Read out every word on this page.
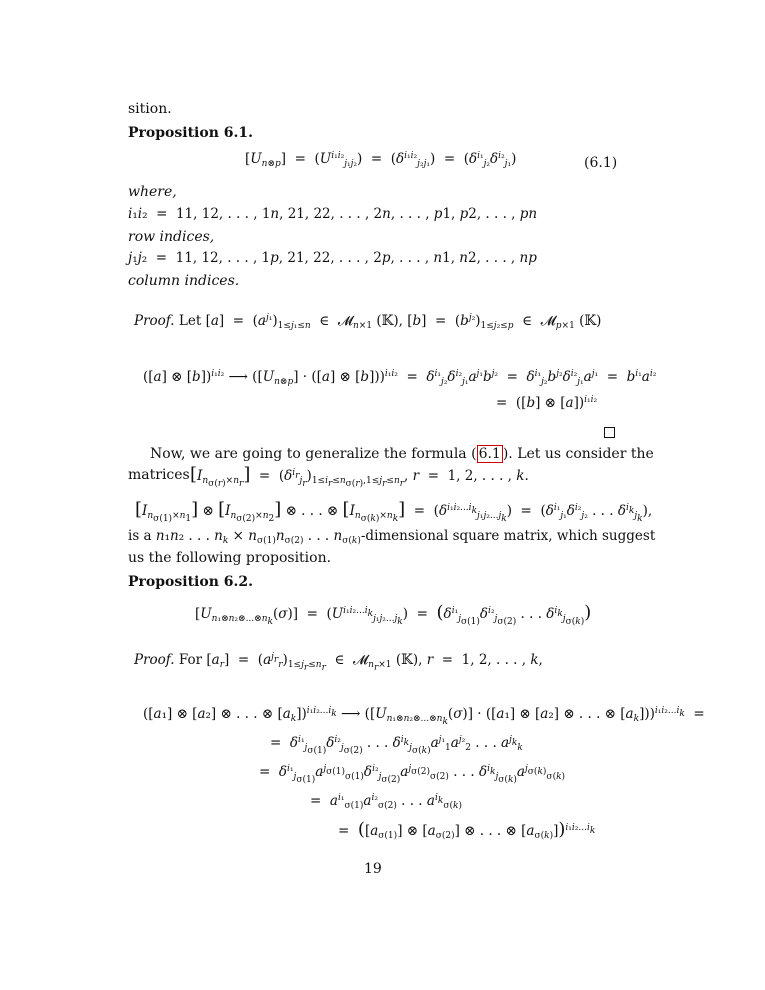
sition.
Proposition 6.1.
$[U_{n\otimes p}] = (U^{i_1i_2}_{j_1j_2}) = (\delta^{i_1i_2}_{j_2j_1}) = (\delta^{i_1}_{j_2}\delta^{i_2}_{j_1})$	(6.1)
where,
i₁i₂  =  11, 12, . . . , 1n, 21, 22, . . . , 2n, . . . , p1, p2, . . . , pn
row indices,
j₁j₂  =  11, 12, . . . , 1p, 21, 22, . . . , 2p, . . . , n1, n2, . . . , np
column indices.
Proof. Let $[a] = (a^{j_1})_{1\le j_1\le n}$  ∈  𝓜$_{n\times 1}$ (𝕂), $[b] = (b^{j_2})_{1\le j_2\le p}$  ∈  𝓜$_{p\times 1}$ (𝕂)
([a] ⊗ [b])$^{i_1i_2}$ ⟶ ($[U_{n\otimes p}] \cdot ([a]$ ⊗ $[b]))^{i_1i_2} = \delta^{i_1}_{j_2}\delta^{i_2}_{j_1}a^{j_1}b^{j_2} = \delta^{i_1}_{j_2}b^{j_2}\delta^{i_2}_{j_1}a^{j_1} = b^{i_1}a^{i_2}$
=  ([b] ⊗ [a])$^{i_1i_2}$
Now, we are going to generalize the formula ( 6.1 ). Let us consider the
matrices $[I_{n_{\sigma(r)}\times n_r}] = (\delta^{i_r}_{j_r})_{1\le i_r\le n_{\sigma(r)},1\le j_r\le n_r}$, r  =  1, 2, . . . , k.
$[I_{n_{\sigma(1)}\times n_1}]$ ⊗ $[I_{n_{\sigma(2)}\times n_2}]$ ⊗ . . . ⊗ $[I_{n_{\sigma(k)}\times n_k}] = (\delta^{i_1i_2...i_k}_{j_1j_2...j_k}) = (\delta^{i_1}_{j_1}\delta^{i_2}_{j_2}$ . . . $\delta^{i_k}_{j_k}$),
is a n₁n₂ . . . $n_k \times n_{\sigma(1)}n_{\sigma(2)}$ . . . $n_{\sigma(k)}$-dimensional square matrix, which suggest
us the following proposition.
Proposition 6.2.
$[U_{n_1\otimes n_2\otimes...\otimes n_k}(\sigma)] = (U^{i_1i_2...i_k}_{j_1j_2...j_k}) = (\delta^{i_1}_{j_{\sigma(1)}}\delta^{i_2}_{j_{\sigma(2)}}$ . . . $\delta^{i_k}_{j_{\sigma(k)}}$)
Proof. For $[a_r] = (a^{j_r}_r)_{1\le j_r\le n_r}$  ∈  𝓜$_{n_r\times 1}$ (𝕂), r  =  1, 2, . . . , k,
([a₁] ⊗ [a₂] ⊗ . . . ⊗ $[a_k])^{i_1i_2...i_k}$ ⟶ ($[U_{n_1\otimes n_2\otimes...\otimes n_k}(\sigma)] \cdot ([a_1]$ ⊗ [a₂] ⊗ . . . ⊗ $[a_k]))^{i_1i_2...i_k}$  =
=  $\delta^{i_1}_{j_{\sigma(1)}}\delta^{i_2}_{j_{\sigma(2)}}$ . . . $\delta^{i_k}_{j_{\sigma(k)}}a^{j_1}_1a^{j_2}_2$ . . . $a^{j_k}_k$
=  $\delta^{i_1}_{j_{\sigma(1)}}a^{j_{\sigma(1)}}_{\sigma(1)}\delta^{i_2}_{j_{\sigma(2)}}a^{j_{\sigma(2)}}_{\sigma(2)}$ . . . $\delta^{i_k}_{j_{\sigma(k)}}a^{j_{\sigma(k)}}_{\sigma(k)}$
=  $a^{i_1}_{\sigma(1)}a^{i_2}_{\sigma(2)}$ . . . $a^{i_k}_{\sigma(k)}$
=  ($[a_{\sigma(1)}]$ ⊗ $[a_{\sigma(2)}]$ ⊗ . . . ⊗ $[a_{\sigma(k)}])^{i_1i_2...i_k}$
19
